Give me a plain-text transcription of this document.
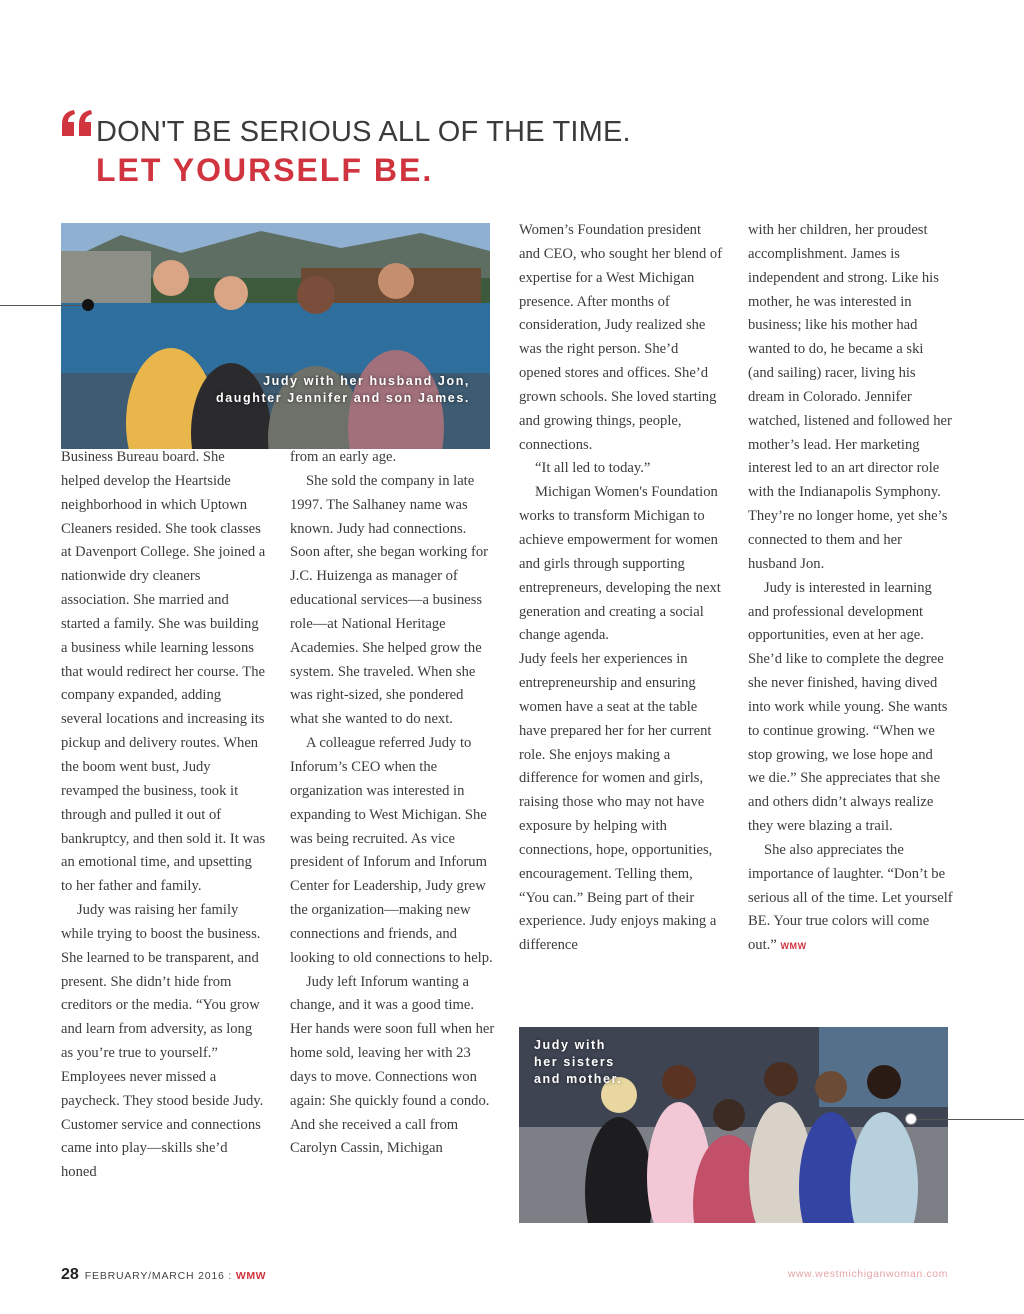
DON'T BE SERIOUS ALL OF THE TIME.
LET YOURSELF BE.
Judy with her husband Jon,
daughter Jennifer and son James.
Judy with
her sisters
and mother.

Business Bureau board. She helped develop the Heartside neighborhood in which Uptown Cleaners resided. She took classes at Davenport College. She joined a nationwide dry cleaners association. She married and started a family. She was building a business while learning lessons that would redirect her course. The company expanded, adding several locations and increasing its pickup and delivery routes. When the boom went bust, Judy revamped the business, took it through and pulled it out of bankruptcy, and then sold it. It was an emotional time, and upsetting to her father and family.

Judy was raising her family while trying to boost the business. She learned to be transparent, and present. She didn’t hide from creditors or the media. “You grow and learn from adversity, as long as you’re true to yourself.” Employees never missed a paycheck. They stood beside Judy. Customer service and connections came into play—skills she’d honed

from an early age.

She sold the company in late 1997. The Salhaney name was known. Judy had connections. Soon after, she began working for J.C. Huizenga as manager of educational services—a business role—at National Heritage Academies. She helped grow the system. She traveled. When she was right-sized, she pondered what she wanted to do next.

A colleague referred Judy to Inforum’s CEO when the organization was interested in expanding to West Michigan. She was being recruited. As vice president of Inforum and Inforum Center for Leadership, Judy grew the organization—making new connections and friends, and looking to old connections to help.

Judy left Inforum wanting a change, and it was a good time. Her hands were soon full when her home sold, leaving her with 23 days to move. Connections won again: She quickly found a condo. And she received a call from Carolyn Cassin, Michigan

Women’s Foundation president and CEO, who sought her blend of expertise for a West Michigan presence. After months of consideration, Judy realized she was the right person. She’d opened stores and offices. She’d grown schools. She loved starting and growing things, people, connections.

“It all led to today.”

Michigan Women's Foundation works to transform Michigan to achieve empowerment for women and girls through supporting entrepreneurs, developing the next generation and creating a social change agenda.

Judy feels her experiences in entrepreneurship and ensuring women have a seat at the table have prepared her for her current role. She enjoys making a difference for women and girls, raising those who may not have exposure by helping with connections, hope, opportunities, encouragement. Telling them, “You can.” Being part of their experience. Judy enjoys making a difference

with her children, her proudest accomplishment. James is independent and strong. Like his mother, he was interested in business; like his mother had wanted to do, he became a ski (and sailing) racer, living his dream in Colorado. Jennifer watched, listened and followed her mother’s lead. Her marketing interest led to an art director role with the Indianapolis Symphony. They’re no longer home, yet she’s connected to them and her husband Jon.

Judy is interested in learning and professional development opportunities, even at her age. She’d like to complete the degree she never finished, having dived into work while young. She wants to continue growing. “When we stop growing, we lose hope and we die.” She appreciates that she and others didn’t always realize they were blazing a trail.

She also appreciates the importance of laughter. “Don’t be serious all of the time. Let yourself BE. Your true colors will come out.” WMW

28 FEBRUARY/MARCH 2016 : WMW	www.westmichiganwoman.com
